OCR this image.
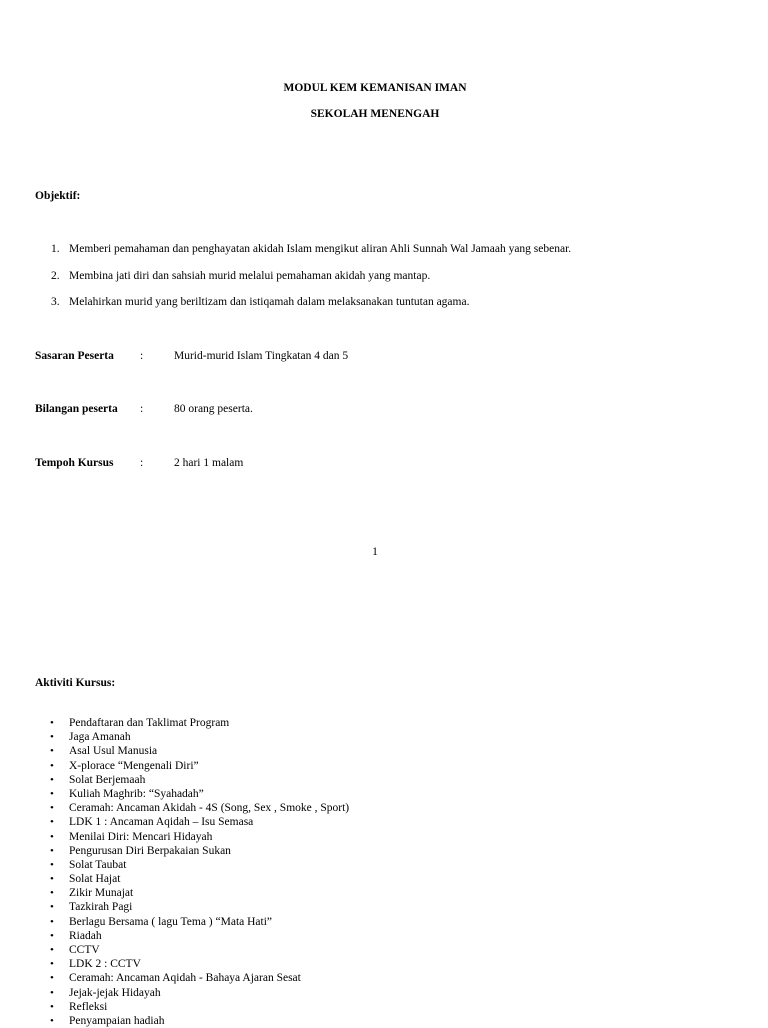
MODUL KEM KEMANISAN IMAN
SEKOLAH MENENGAH
Objektif:
1. Memberi pemahaman dan penghayatan akidah Islam mengikut aliran Ahli Sunnah Wal Jamaah yang sebenar.
2. Membina jati diri dan sahsiah murid melalui pemahaman akidah yang mantap.
3. Melahirkan murid yang beriltizam dan istiqamah dalam melaksanakan tuntutan agama.
Sasaran Peserta :	Murid-murid Islam Tingkatan 4 dan 5
Bilangan peserta :	80 orang peserta.
Tempoh Kursus :	2 hari 1 malam
1
Aktiviti Kursus:
• Pendaftaran dan Taklimat Program
• Jaga Amanah
• Asal Usul Manusia
• X-plorace “Mengenali Diri”
• Solat Berjemaah
• Kuliah Maghrib: “Syahadah”
• Ceramah: Ancaman Akidah - 4S (Song, Sex , Smoke , Sport)
• LDK 1 : Ancaman Aqidah – Isu Semasa
• Menilai Diri: Mencari Hidayah
• Pengurusan Diri Berpakaian Sukan
• Solat Taubat
• Solat Hajat
• Zikir Munajat
• Tazkirah Pagi
• Berlagu Bersama ( lagu Tema ) “Mata Hati”
• Riadah
• CCTV
• LDK 2 : CCTV
• Ceramah: Ancaman Aqidah - Bahaya Ajaran Sesat
• Jejak-jejak Hidayah
• Refleksi
• Penyampaian hadiah
